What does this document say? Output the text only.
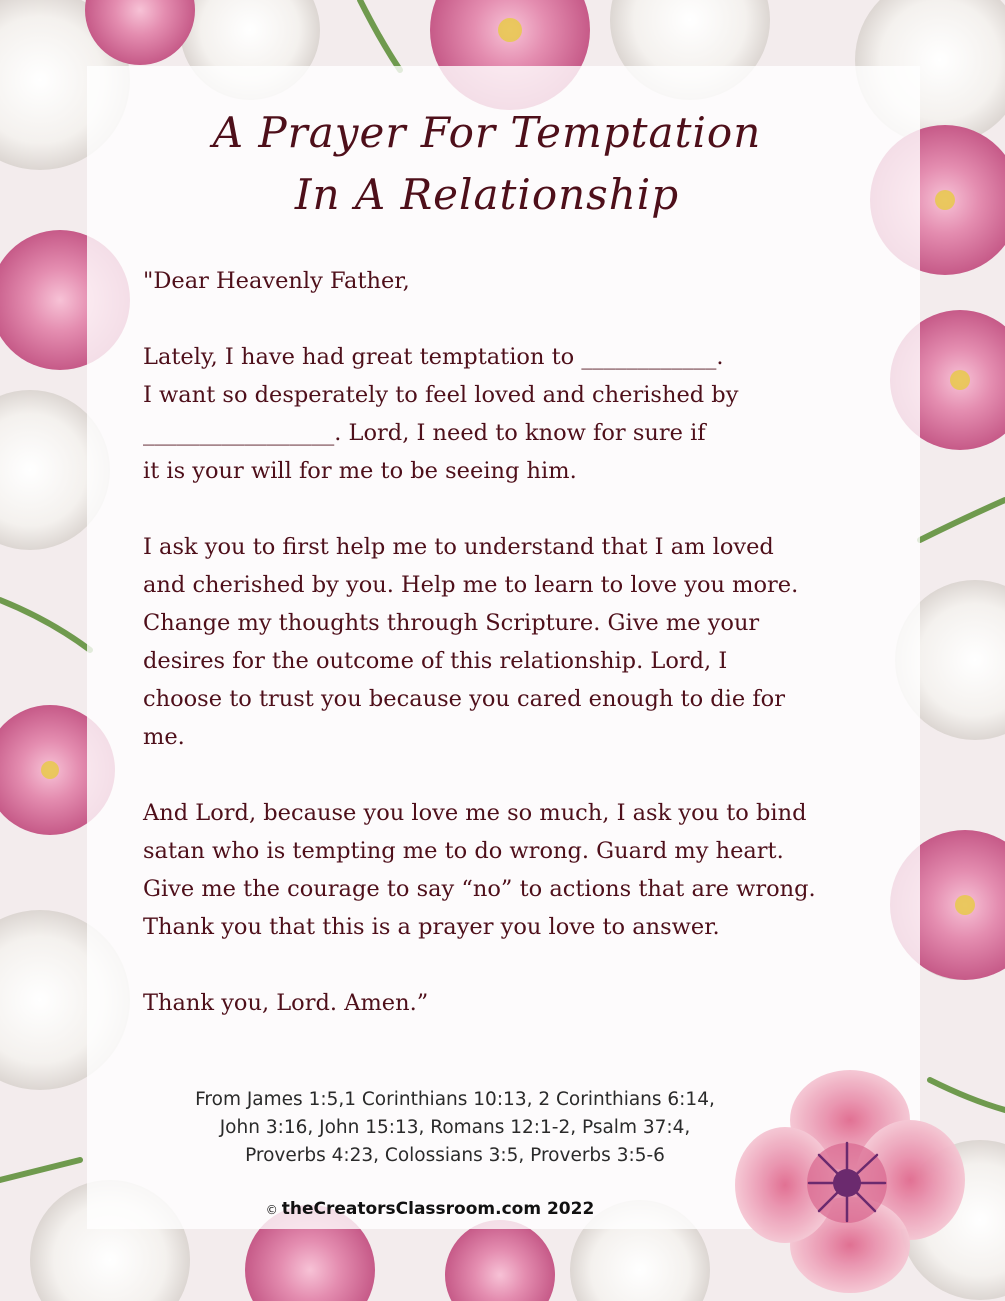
A Prayer For Temptation
In A Relationship
"Dear Heavenly Father,
Lately, I have had great temptation to ____________.
I want so desperately to feel loved and cherished by
_________________. Lord, I need to know for sure if
it is your will for me to be seeing him.
I ask you to first help me to understand that I am loved
and cherished by you. Help me to learn to love you more.
Change my thoughts through Scripture. Give me your
desires for the outcome of this relationship. Lord, I
choose to trust you because you cared enough to die for
me.
And Lord, because you love me so much, I ask you to bind
satan who is tempting me to do wrong. Guard my heart.
Give me the courage to say “no” to actions that are wrong.
Thank you that this is a prayer you love to answer.
Thank you, Lord. Amen.”
From James 1:5,1 Corinthians 10:13, 2 Corinthians 6:14,
John 3:16, John 15:13, Romans 12:1-2, Psalm 37:4,
Proverbs 4:23, Colossians 3:5, Proverbs 3:5-6
© theCreatorsClassroom.com 2022
